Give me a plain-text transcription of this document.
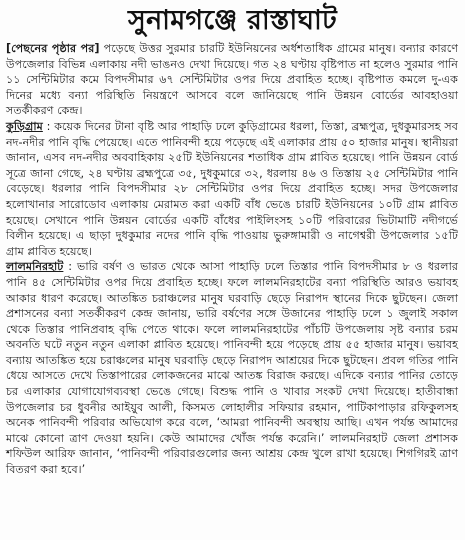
সুনামগঞ্জে রাস্তাঘাট

[পেছনের পৃষ্ঠার পর] পড়েছে উত্তর সুরমার চারটি ইউনিয়নের অর্ধশতাধিক গ্রামের মানুষ। বন্যার কারণে উপজেলার বিভিন্ন এলাকায় নদী ভাঙনও দেখা দিয়েছে। গত ২৪ ঘণ্টায় বৃষ্টিপাত না হলেও সুরমার পানি ১১ সেন্টিমিটার কমে বিপদসীমার ৬৭ সেন্টিমিটার ওপর দিয়ে প্রবাহিত হচ্ছে। বৃষ্টিপাত কমলে দু-এক দিনের মধ্যে বন্যা পরিস্থিতি নিয়ন্ত্রণে আসবে বলে জানিয়েছে পানি উন্নয়ন বোর্ডের আবহাওয়া সতর্কীকরণ কেন্দ্র।

কুড়িগ্রাম : কয়েক দিনের টানা বৃষ্টি আর পাহাড়ি ঢলে কুড়িগ্রামের ধরলা, তিস্তা, ব্রহ্মপুত্র, দুধকুমারসহ সব নদ-নদীর পানি বৃদ্ধি পেয়েছে। এতে পানিবন্দী হয়ে পড়েছে এই এলাকার প্রায় ৫০ হাজার মানুষ। স্থানীয়রা জানান, এসব নদ-নদীর অববাহিকায় ২৫টি ইউনিয়নের শতাধিক গ্রাম প্লাবিত হয়েছে। পানি উন্নয়ন বোর্ড সূত্রে জানা গেছে, ২৪ ঘণ্টায় ব্রহ্মপুত্রে ৩৫, দুধকুমারে ৩২, ধরলায় ৪৬ ও তিস্তায় ২৫ সেন্টিমিটার পানি বেড়েছে। ধরলার পানি বিপদসীমার ২৮ সেন্টিমিটার ওপর দিয়ে প্রবাহিত হচ্ছে। সদর উপজেলার হলোখানার সারোডোব এলাকায় মেরামত করা একটি বাঁধ ভেঙে চারটি ইউনিয়নের ১০টি গ্রাম প্লাবিত হয়েছে। সেখানে পানি উন্নয়ন বোর্ডের একটি বাঁধের পাইলিংসহ ১০টি পরিবারের ভিটামাটি নদীগর্ভে বিলীন হয়েছে। এ ছাড়া দুধকুমার নদের পানি বৃদ্ধি পাওয়ায় ভুরুঙ্গামারী ও নাগেশ্বরী উপজেলার ১৫টি গ্রাম প্লাবিত হয়েছে।

লালমনিরহাট : ভারি বর্ষণ ও ভারত থেকে আসা পাহাড়ি ঢলে তিস্তার পানি বিপদসীমার ৮ ও ধরলার পানি ৪৫ সেন্টিমিটার ওপর দিয়ে প্রবাহিত হচ্ছে। ফলে লালমনিরহাটের বন্যা পরিস্থিতি আরও ভয়াবহ আকার ধারণ করেছে। আতঙ্কিত চরাঞ্চলের মানুষ ঘরবাড়ি ছেড়ে নিরাপদ স্থানের দিকে ছুটছেন। জেলা প্রশাসনের বন্যা সতর্কীকরণ কেন্দ্র জানায়, ভারি বর্ষণের সঙ্গে উজানের পাহাড়ি ঢলে ১ জুলাই সকাল থেকে তিস্তার পানিপ্রবাহ বৃদ্ধি পেতে থাকে। ফলে লালমনিরহাটের পাঁচটি উপজেলায় সৃষ্ট বন্যার চরম অবনতি ঘটে নতুন নতুন এলাকা প্লাবিত হয়েছে। পানিবন্দী হয়ে পড়েছে প্রায় ৫৫ হাজার মানুষ। ভয়াবহ বন্যায় আতঙ্কিত হয়ে চরাঞ্চলের মানুষ ঘরবাড়ি ছেড়ে নিরাপদ আশ্রয়ের দিকে ছুটছেন। প্রবল গতির পানি ধেয়ে আসতে দেখে তিস্তাপারের লোকজনের মাঝে আতঙ্ক বিরাজ করছে। এদিকে বন্যার পানির তোড়ে চর এলাকার যোগাযোগব্যবস্থা ভেঙে গেছে। বিশুদ্ধ পানি ও খাবার সংকট দেখা দিয়েছে। হাতীবান্ধা উপজেলার চর ধুবনীর আইয়ুব আলী, কিসমত লোহালীর সফিয়ার রহমান, পাটিকাপাড়ার রফিকুলসহ অনেক পানিবন্দী পরিবার অভিযোগ করে বলে, ‘আমরা পানিবন্দী অবস্থায় আছি। এখন পর্যন্ত আমাদের মাঝে কোনো ত্রাণ দেওয়া হয়নি। কেউ আমাদের খোঁজ পর্যন্ত করেনি।’ লালমনিরহাট জেলা প্রশাসক শফিউল আরিফ জানান, ‘পানিবন্দী পরিবারগুলোর জন্য আশ্রয় কেন্দ্র খুলে রাখা হয়েছে। শিগগিরই ত্রাণ বিতরণ করা হবে।’
